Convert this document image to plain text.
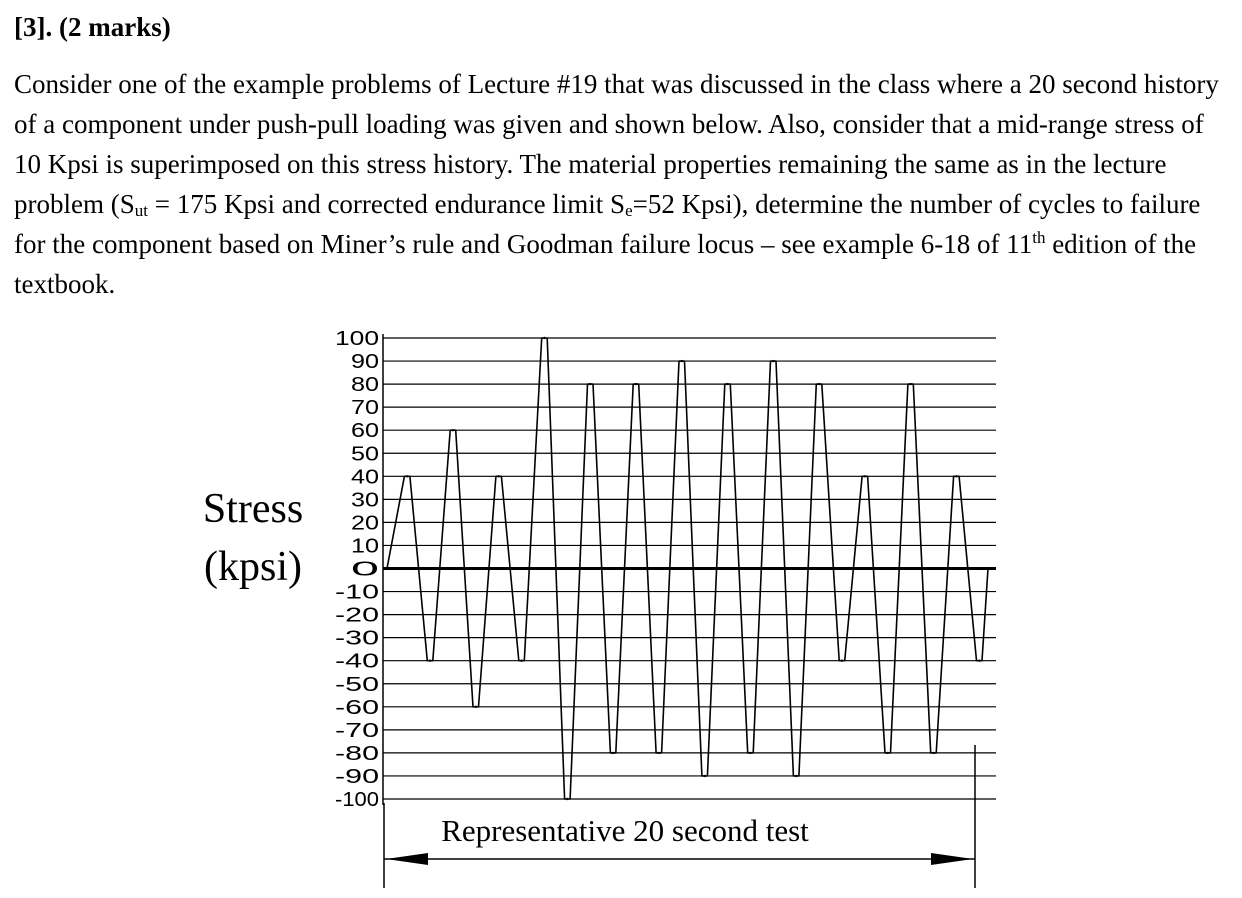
[3]. (2 marks)

Consider one of the example problems of Lecture #19 that was discussed in the class where a 20 second history of a component under push-pull loading was given and shown below. Also, consider that a mid-range stress of 10 Kpsi is superimposed on this stress history. The material properties remaining the same as in the lecture problem ($S_{ut} = 175$ Kpsi and corrected endurance limit $S_e=52$ Kpsi), determine the number of cycles to failure for the component based on Miner’s rule and Goodman failure locus – see example 6-18 of 11th edition of the textbook.

Stress
(kpsi)
100
90
80
70
60
50
40
30
20
10
0
-10
-20
-30
-40
-50
-60
-70
-80
-90
-100
Representative 20 second test
